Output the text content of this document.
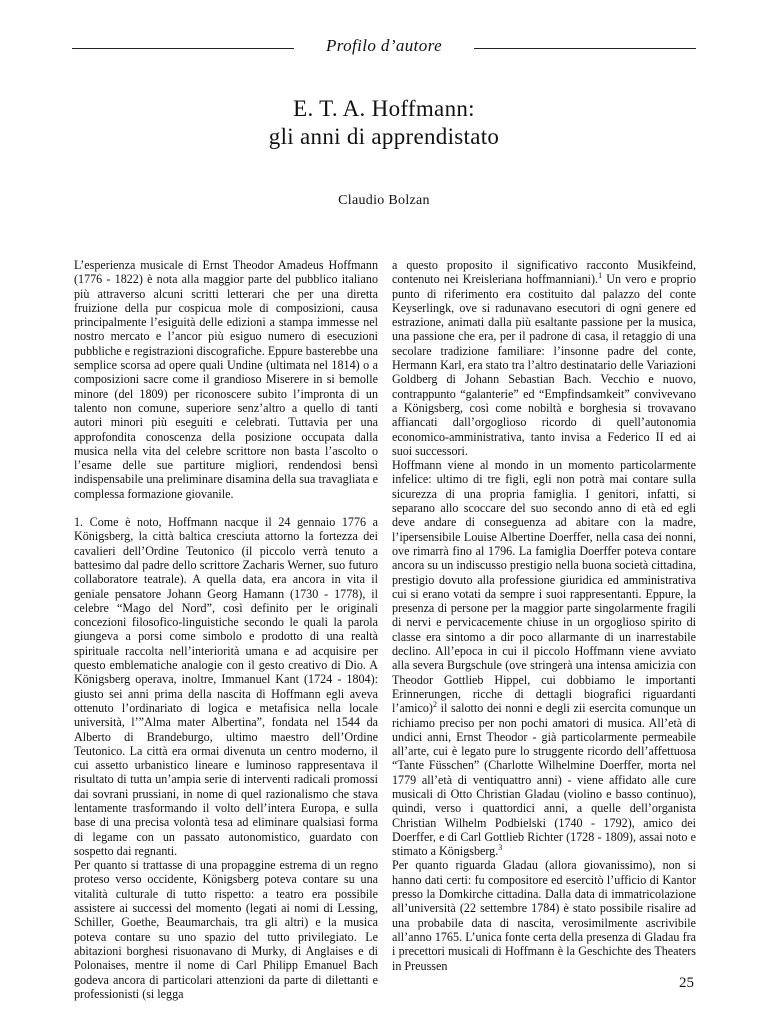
Profilo d’autore
E. T. A. Hoffmann:
gli anni di apprendistato
Claudio Bolzan

L’esperienza musicale di Ernst Theodor Amadeus Hoffmann (1776 - 1822) è nota alla maggior parte del pubblico italiano più attraverso alcuni scritti letterari che per una diretta fruizione della pur cospicua mole di composizioni, causa principalmente l’esiguità delle edizioni a stampa immesse nel nostro mercato e l’ancor più esiguo numero di esecuzioni pubbliche e registrazioni discografiche. Eppure basterebbe una semplice scorsa ad opere quali Undine (ultimata nel 1814) o a composizioni sacre come il grandioso Miserere in si bemolle minore (del 1809) per riconoscere subito l’impronta di un talento non comune, superiore senz’altro a quello di tanti autori minori più eseguiti e celebrati. Tuttavia per una approfondita conoscenza della posizione occupata dalla musica nella vita del celebre scrittore non basta l’ascolto o l’esame delle sue partiture migliori, rendendosi bensì indispensabile una preliminare disamina della sua travagliata e complessa formazione giovanile.

1. Come è noto, Hoffmann nacque il 24 gennaio 1776 a Königsberg, la città baltica cresciuta attorno la fortezza dei cavalieri dell’Ordine Teutonico (il piccolo verrà tenuto a battesimo dal padre dello scrittore Zacharis Werner, suo futuro collaboratore teatrale). A quella data, era ancora in vita il geniale pensatore Johann Georg Hamann (1730 - 1778), il celebre “Mago del Nord”, così definito per le originali concezioni filosofico-linguistiche secondo le quali la parola giungeva a porsi come simbolo e prodotto di una realtà spirituale raccolta nell’interiorità umana e ad acquisire per questo emblematiche analogie con il gesto creativo di Dio. A Königsberg operava, inoltre, Immanuel Kant (1724 - 1804): giusto sei anni prima della nascita di Hoffmann egli aveva ottenuto l’ordinariato di logica e metafisica nella locale università, l’”Alma mater Albertina”, fondata nel 1544 da Alberto di Brandeburgo, ultimo maestro dell’Ordine Teutonico. La città era ormai divenuta un centro moderno, il cui assetto urbanistico lineare e luminoso rappresentava il risultato di tutta un’ampia serie di interventi radicali promossi dai sovrani prussiani, in nome di quel razionalismo che stava lentamente trasformando il volto dell’intera Europa, e sulla base di una precisa volontà tesa ad eliminare qualsiasi forma di legame con un passato autonomistico, guardato con sospetto dai regnanti.

Per quanto si trattasse di una propaggine estrema di un regno proteso verso occidente, Königsberg poteva contare su una vitalità culturale di tutto rispetto: a teatro era possibile assistere ai successi del momento (legati ai nomi di Lessing, Schiller, Goethe, Beaumarchais, tra gli altri) e la musica poteva contare su uno spazio del tutto privilegiato. Le abitazioni borghesi risuonavano di Murky, di Anglaises e di Polonaises, mentre il nome di Carl Philipp Emanuel Bach godeva ancora di particolari attenzioni da parte di dilettanti e professionisti (si legga

a questo proposito il significativo racconto Musikfeind, contenuto nei Kreisleriana hoffmanniani).$^1$ Un vero e proprio punto di riferimento era costituito dal palazzo del conte Keyserlingk, ove si radunavano esecutori di ogni genere ed estrazione, animati dalla più esaltante passione per la musica, una passione che era, per il padrone di casa, il retaggio di una secolare tradizione familiare: l’insonne padre del conte, Hermann Karl, era stato tra l’altro destinatario delle Variazioni Goldberg di Johann Sebastian Bach. Vecchio e nuovo, contrappunto “galanterie” ed “Empfindsamkeit” convivevano a Königsberg, così come nobiltà e borghesia si trovavano affiancati dall’orgoglioso ricordo di quell’autonomia economico-amministrativa, tanto invisa a Federico II ed ai suoi successori.

Hoffmann viene al mondo in un momento particolarmente infelice: ultimo di tre figli, egli non potrà mai contare sulla sicurezza di una propria famiglia. I genitori, infatti, si separano allo scoccare del suo secondo anno di età ed egli deve andare di conseguenza ad abitare con la madre, l’ipersensibile Louise Albertine Doerffer, nella casa dei nonni, ove rimarrà fino al 1796. La famiglia Doerffer poteva contare ancora su un indiscusso prestigio nella buona società cittadina, prestigio dovuto alla professione giuridica ed amministrativa cui si erano votati da sempre i suoi rappresentanti. Eppure, la presenza di persone per la maggior parte singolarmente fragili di nervi e pervicacemente chiuse in un orgoglioso spirito di classe era sintomo a dir poco allarmante di un inarrestabile declino. All’epoca in cui il piccolo Hoffmann viene avviato alla severa Burgschule (ove stringerà una intensa amicizia con Theodor Gottlieb Hippel, cui dobbiamo le importanti Erinnerungen, ricche di dettagli biografici riguardanti l’amico)$^2$ il salotto dei nonni e degli zii esercita comunque un richiamo preciso per non pochi amatori di musica. All’età di undici anni, Ernst Theodor - già particolarmente permeabile all’arte, cui è legato pure lo struggente ricordo dell’affettuosa “Tante Füsschen” (Charlotte Wilhelmine Doerffer, morta nel 1779 all’età di ventiquattro anni) - viene affidato alle cure musicali di Otto Christian Gladau (violino e basso continuo), quindi, verso i quattordici anni, a quelle dell’organista Christian Wilhelm Podbielski (1740 - 1792), amico dei Doerffer, e di Carl Gottlieb Richter (1728 - 1809), assai noto e stimato a Königsberg.$^3$

Per quanto riguarda Gladau (allora giovanissimo), non si hanno dati certi: fu compositore ed esercitò l’ufficio di Kantor presso la Domkirche cittadina. Dalla data di immatricolazione all’università (22 settembre 1784) è stato possibile risalire ad una probabile data di nascita, verosimilmente ascrivibile all’anno 1765. L’unica fonte certa della presenza di Gladau fra i precettori musicali di Hoffmann è la Geschichte des Theaters in Preussen

25
